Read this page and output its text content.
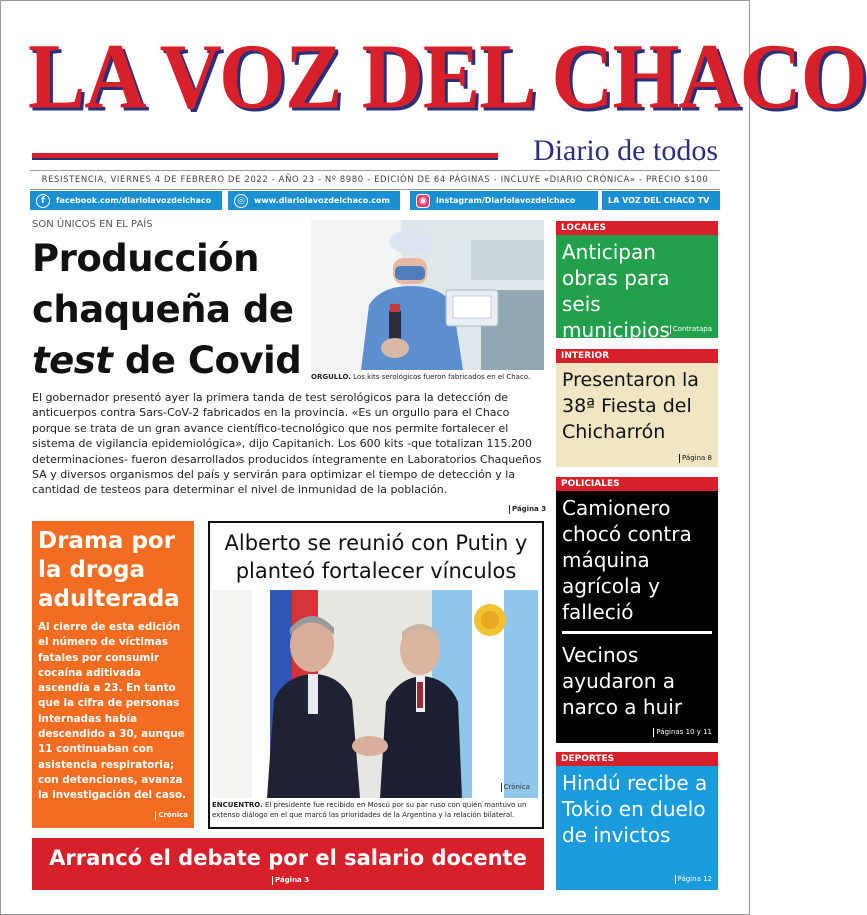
LA VOZ DEL CHACO
Diario de todos
RESISTENCIA, VIERNES 4 DE FEBRERO DE 2022 - AÑO 23 - Nº 8980 - EDICIÓN DE 64 PÁGINAS - INCLUYE «DIARIO CRÓNICA» - PRECIO $100
f	facebook.com/diariolavozdelchaco	◎	www.diariolavozdelchaco.com	◉	instagram/Diariolavozdelchaco	LA VOZ DEL CHACO TV
SON ÚNICOS EN EL PAÍS
Producción
chaqueña de
test de Covid	ORGULLO. Los kits serológicos fueron fabricados en el Chaco.
El gobernador presentó ayer la primera tanda de test serológicos para la detección de anticuerpos contra Sars-CoV-2 fabricados en la provincia. «Es un orgullo para el Chaco porque se trata de un gran avance científico-tecnológico que nos permite fortalecer el sistema de vigilancia epidemiológica», dijo Capitanich. Los 600 kits -que totalizan 115.200 determinaciones- fueron desarrollados producidos íntegramente en Laboratorios Chaqueños SA y diversos organismos del país y servirán para optimizar el tiempo de detección y la cantidad de testeos para determinar el nivel de inmunidad de la población.
Página 3
LOCALES
Anticipan obras para seis municipios Contratapa
INTERIOR
Presentaron la 38ª Fiesta del Chicharrón
Página 8
POLICIALES
Camionero chocó contra máquina agrícola y falleció
Vecinos ayudaron a narco a huir
Páginas 10 y 11
DEPORTES
Hindú recibe a Tokio en duelo de invictos
Página 12
Drama por la droga adulterada
Al cierre de esta edición el número de víctimas fatales por consumir cocaína aditivada ascendía a 23. En tanto que la cifra de personas internadas había descendido a 30, aunque 11 continuaban con asistencia respiratoria; con detenciones, avanza la investigación del caso.
Crónica
Alberto se reunió con Putin y planteó fortalecer vínculos
Crónica
ENCUENTRO. El presidente fue recibido en Moscú por su par ruso con quien mantuvo un extenso diálogo en el que marcó las prioridades de la Argentina y la relación bilateral.
Arrancó el debate por el salario docente
Página 3
